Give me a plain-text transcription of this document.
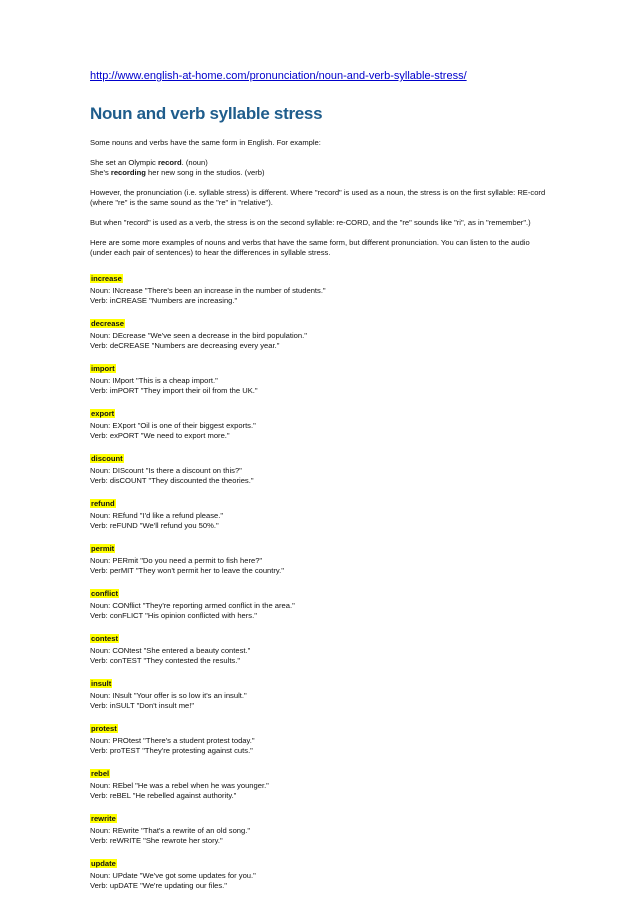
http://www.english-at-home.com/pronunciation/noun-and-verb-syllable-stress/
Noun and verb syllable stress

Some nouns and verbs have the same form in English. For example:

She set an Olympic record. (noun)
She's recording her new song in the studios. (verb)

However, the pronunciation (i.e. syllable stress) is different. Where "record" is used as a noun, the stress is on the first syllable: RE-cord (where "re" is the same sound as the "re" in "relative").

But when "record" is used as a verb, the stress is on the second syllable: re-CORD, and the "re" sounds like "ri", as in "remember".)

Here are some more examples of nouns and verbs that have the same form, but different pronunciation. You can listen to the audio (under each pair of sentences) to hear the differences in syllable stress.

increase
Noun: INcrease "There's been an increase in the number of students."
Verb: inCREASE "Numbers are increasing."
decrease
Noun: DEcrease "We've seen a decrease in the bird population."
Verb: deCREASE "Numbers are decreasing every year."
import
Noun: IMport "This is a cheap import."
Verb: imPORT "They import their oil from the UK."
export
Noun: EXport "Oil is one of their biggest exports."
Verb: exPORT "We need to export more."
discount
Noun: DIScount "Is there a discount on this?"
Verb: disCOUNT "They discounted the theories."
refund
Noun: REfund "I'd like a refund please."
Verb: reFUND "We'll refund you 50%."
permit
Noun: PERmit "Do you need a permit to fish here?"
Verb: perMIT "They won't permit her to leave the country."
conflict
Noun: CONflict "They're reporting armed conflict in the area."
Verb: conFLICT "His opinion conflicted with hers."
contest
Noun: CONtest "She entered a beauty contest."
Verb: conTEST "They contested the results."
insult
Noun: INsult "Your offer is so low it's an insult."
Verb: inSULT "Don't insult me!"
protest
Noun: PROtest "There's a student protest today."
Verb: proTEST "They're protesting against cuts."
rebel
Noun: REbel "He was a rebel when he was younger."
Verb: reBEL "He rebelled against authority."
rewrite
Noun: REwrite "That's a rewrite of an old song."
Verb: reWRITE "She rewrote her story."
update
Noun: UPdate "We've got some updates for you."
Verb: upDATE "We're updating our files."
